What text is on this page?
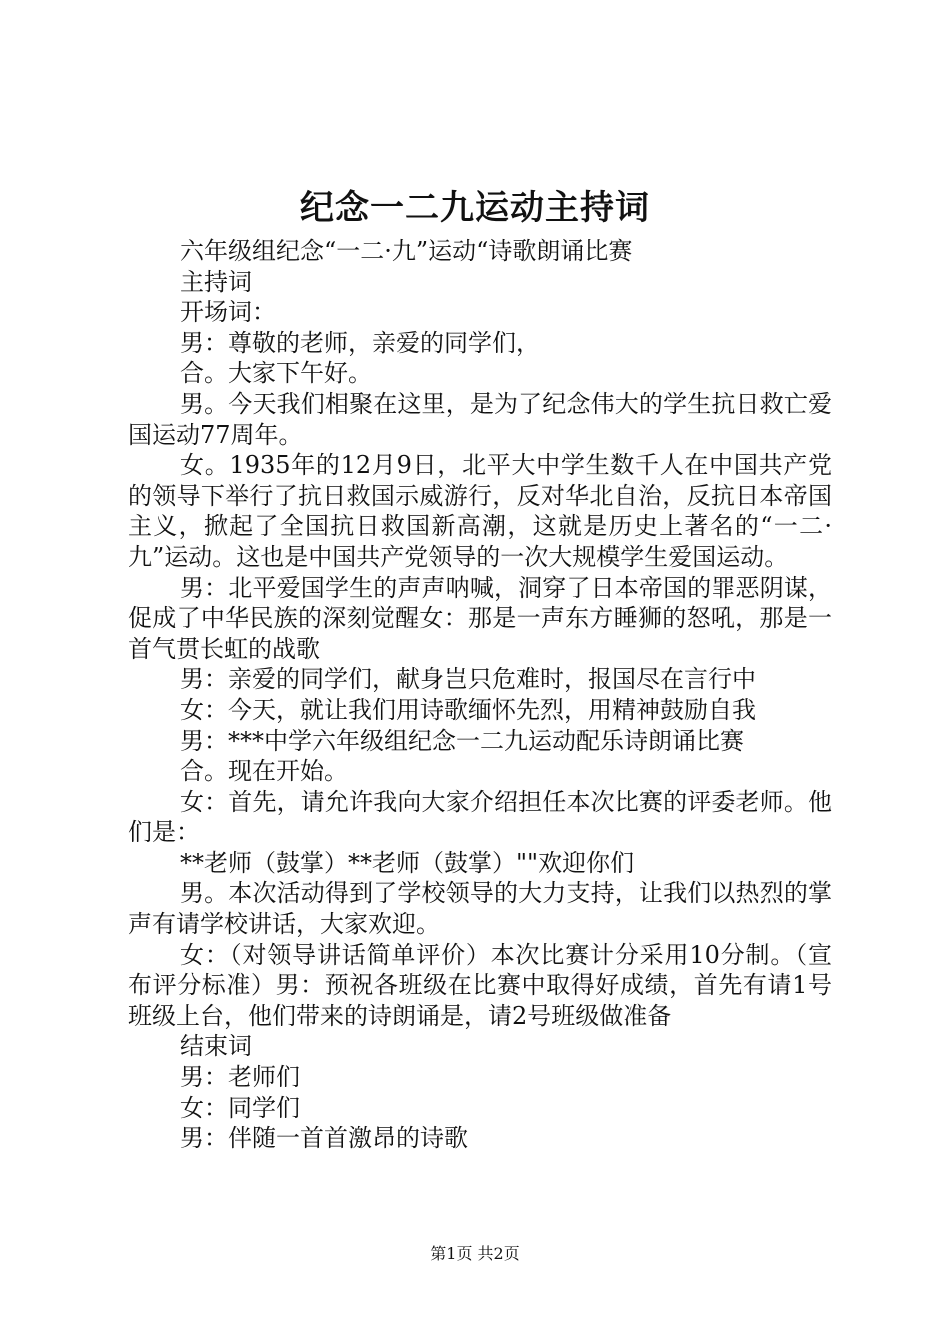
纪念一二九运动主持词

六年级组纪念“一二·九”运动“诗歌朗诵比赛

主持词

开场词：

男：尊敬的老师，亲爱的同学们，

合。大家下午好。

男。今天我们相聚在这里，是为了纪念伟大的学生抗日救亡爱国运动77周年。

女。1935年的12月9日，北平大中学生数千人在中国共产党的领导下举行了抗日救国示威游行，反对华北自治，反抗日本帝国主义，掀起了全国抗日救国新高潮，这就是历史上著名的“一二·九”运动。这也是中国共产党领导的一次大规模学生爱国运动。

男：北平爱国学生的声声呐喊，洞穿了日本帝国的罪恶阴谋，促成了中华民族的深刻觉醒女：那是一声东方睡狮的怒吼，那是一首气贯长虹的战歌

男：亲爱的同学们，献身岂只危难时，报国尽在言行中

女：今天，就让我们用诗歌缅怀先烈，用精神鼓励自我

男：***中学六年级组纪念一二九运动配乐诗朗诵比赛

合。现在开始。

女：首先，请允许我向大家介绍担任本次比赛的评委老师。他们是：

**老师（鼓掌）**老师（鼓掌）""欢迎你们

男。本次活动得到了学校领导的大力支持，让我们以热烈的掌声有请学校讲话，大家欢迎。

女：（对领导讲话简单评价）本次比赛计分采用10分制。（宣布评分标准）男：预祝各班级在比赛中取得好成绩，首先有请1号班级上台，他们带来的诗朗诵是，请2号班级做准备

结束词

男：老师们

女：同学们

男：伴随一首首激昂的诗歌

第1页 共2页
